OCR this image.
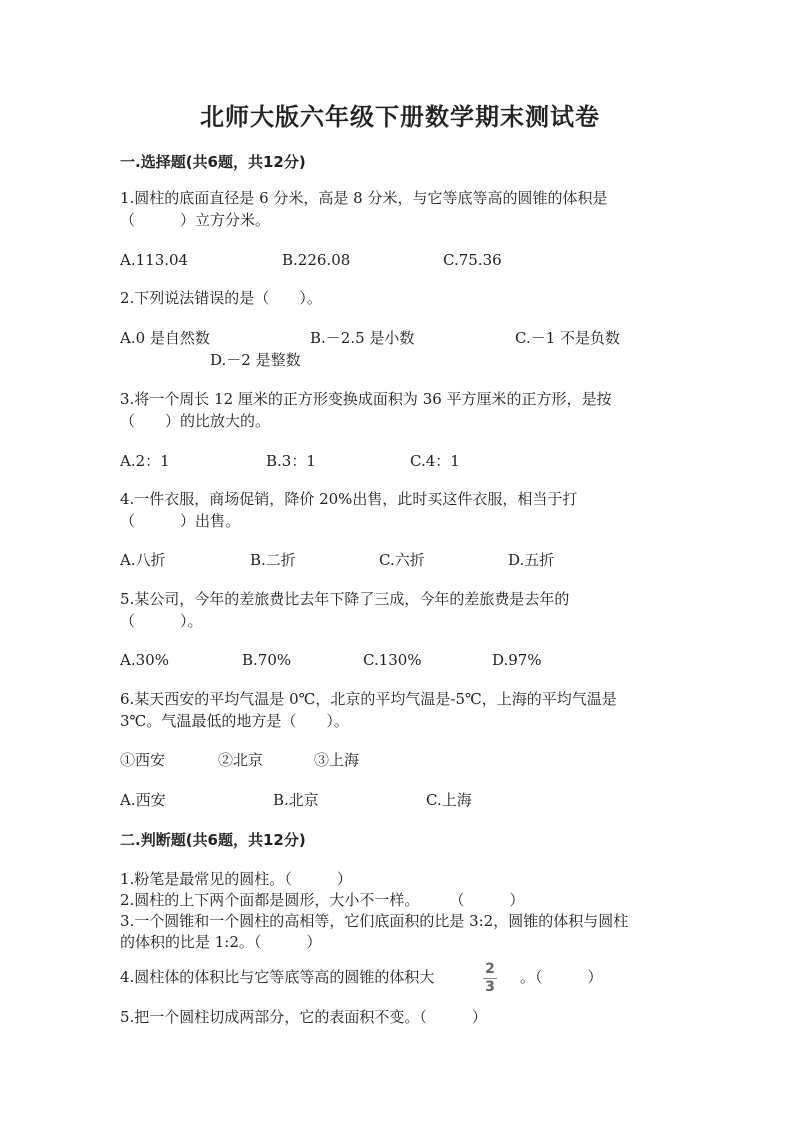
北师大版六年级下册数学期末测试卷
一.选择题(共6题，共12分)
1.圆柱的底面直径是 6 分米，高是 8 分米，与它等底等高的圆锥的体积是
（　　　）立方分米。
A.113.04	B.226.08	C.75.36
2.下列说法错误的是（　　）。
A.0 是自然数	B.－2.5 是小数	C.－1 不是负数
D.－2 是整数
3.将一个周长 12 厘米的正方形变换成面积为 36 平方厘米的正方形，是按
（　　）的比放大的。
A.2：1	B.3：1	C.4：1
4.一件衣服，商场促销，降价 20%出售，此时买这件衣服，相当于打
（　　　）出售。
A.八折	B.二折	C.六折	D.五折
5.某公司，今年的差旅费比去年下降了三成，今年的差旅费是去年的
（　　　）。
A.30%	B.70%	C.130%	D.97%
6.某天西安的平均气温是 0℃，北京的平均气温是-5℃，上海的平均气温是
3℃。气温最低的地方是（　　）。
①西安	②北京	③上海
A.西安	B.北京	C.上海
二.判断题(共6题，共12分)
1.粉笔是最常见的圆柱。（　　　）
2.圆柱的上下两个面都是圆形，大小不一样。　　　（　　　）
3.一个圆锥和一个圆柱的高相等，它们底面积的比是 3:2，圆锥的体积与圆柱
的体积的比是 1:2。（　　　）
4.圆柱体的体积比与它等底等高的圆锥的体积大	2
3
。（　　　）
5.把一个圆柱切成两部分，它的表面积不变。（　　　）
